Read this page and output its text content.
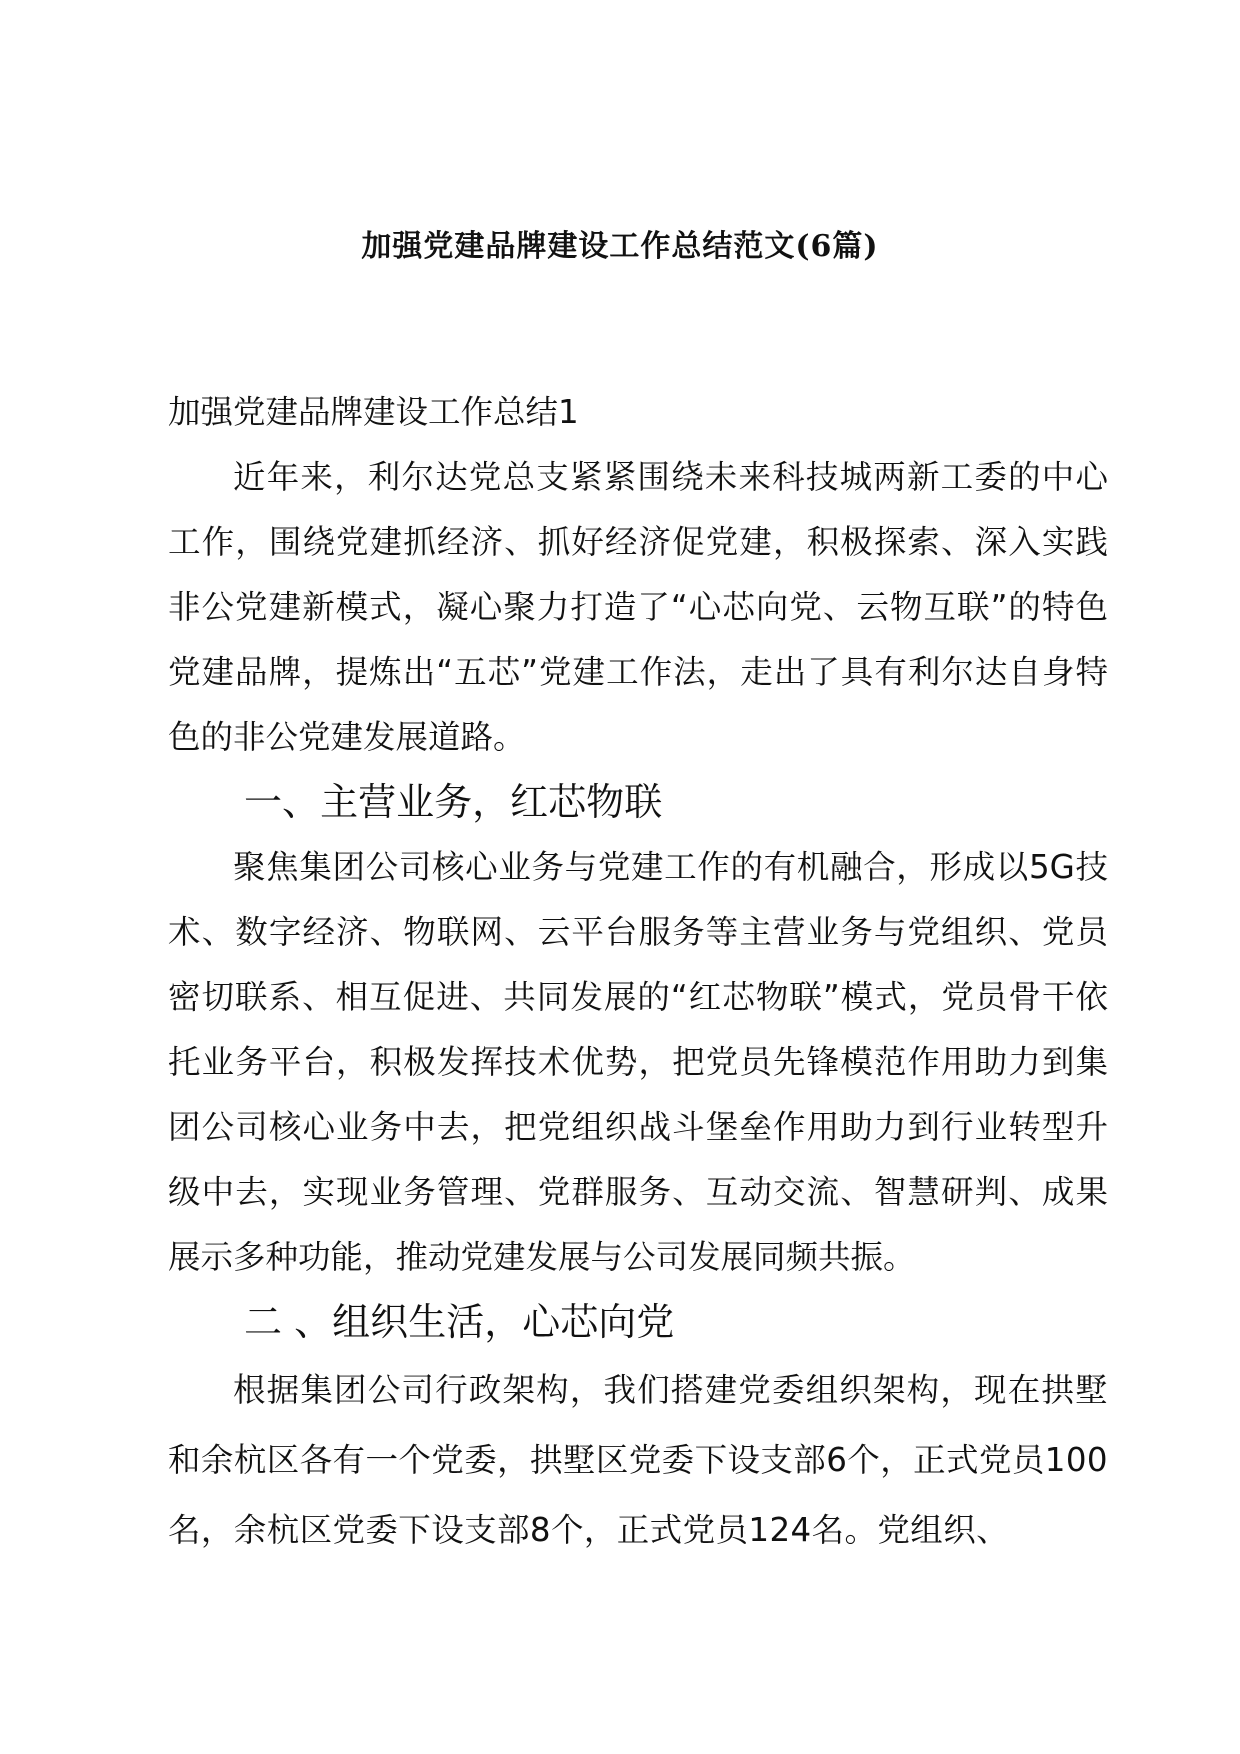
加强党建品牌建设工作总结范文(6篇)
加强党建品牌建设工作总结1

近年来，利尔达党总支紧紧围绕未来科技城两新工委的中心工作，围绕党建抓经济、抓好经济促党建，积极探索、深入实践非公党建新模式，凝心聚力打造了“心芯向党、云物互联”的特色党建品牌，提炼出“五芯”党建工作法，走出了具有利尔达自身特色的非公党建发展道路。

一、主营业务，红芯物联

聚焦集团公司核心业务与党建工作的有机融合，形成以5G技术、数字经济、物联网、云平台服务等主营业务与党组织、党员密切联系、相互促进、共同发展的“红芯物联”模式，党员骨干依托业务平台，积极发挥技术优势，把党员先锋模范作用助力到集团公司核心业务中去，把党组织战斗堡垒作用助力到行业转型升级中去，实现业务管理、党群服务、互动交流、智慧研判、成果展示多种功能，推动党建发展与公司发展同频共振。

二 、组织生活，心芯向党

根据集团公司行政架构，我们搭建党委组织架构，现在拱墅和余杭区各有一个党委，拱墅区党委下设支部6个，正式党员100名，余杭区党委下设支部8个，正式党员124名。党组织、
